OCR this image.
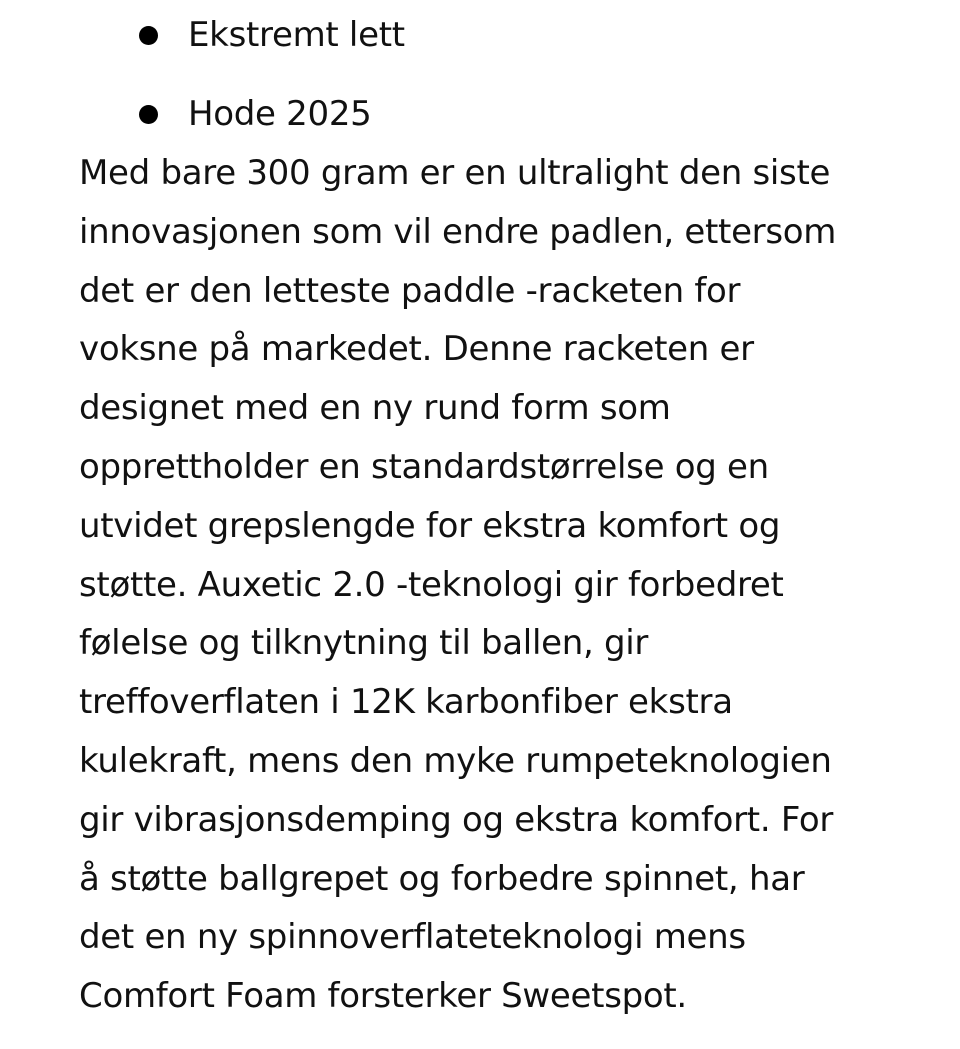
Ekstremt lett
Hode 2025
Med bare 300 gram er en ultralight den siste
innovasjonen som vil endre padlen, ettersom
det er den letteste paddle -racketen for
voksne på markedet. Denne racketen er
designet med en ny rund form som
opprettholder en standardstørrelse og en
utvidet grepslengde for ekstra komfort og
støtte. Auxetic 2.0 -teknologi gir forbedret
følelse og tilknytning til ballen, gir
treffoverflaten i 12K karbonfiber ekstra
kulekraft, mens den myke rumpeteknologien
gir vibrasjonsdemping og ekstra komfort. For
å støtte ballgrepet og forbedre spinnet, har
det en ny spinnoverflateteknologi mens
Comfort Foam forsterker Sweetspot.
